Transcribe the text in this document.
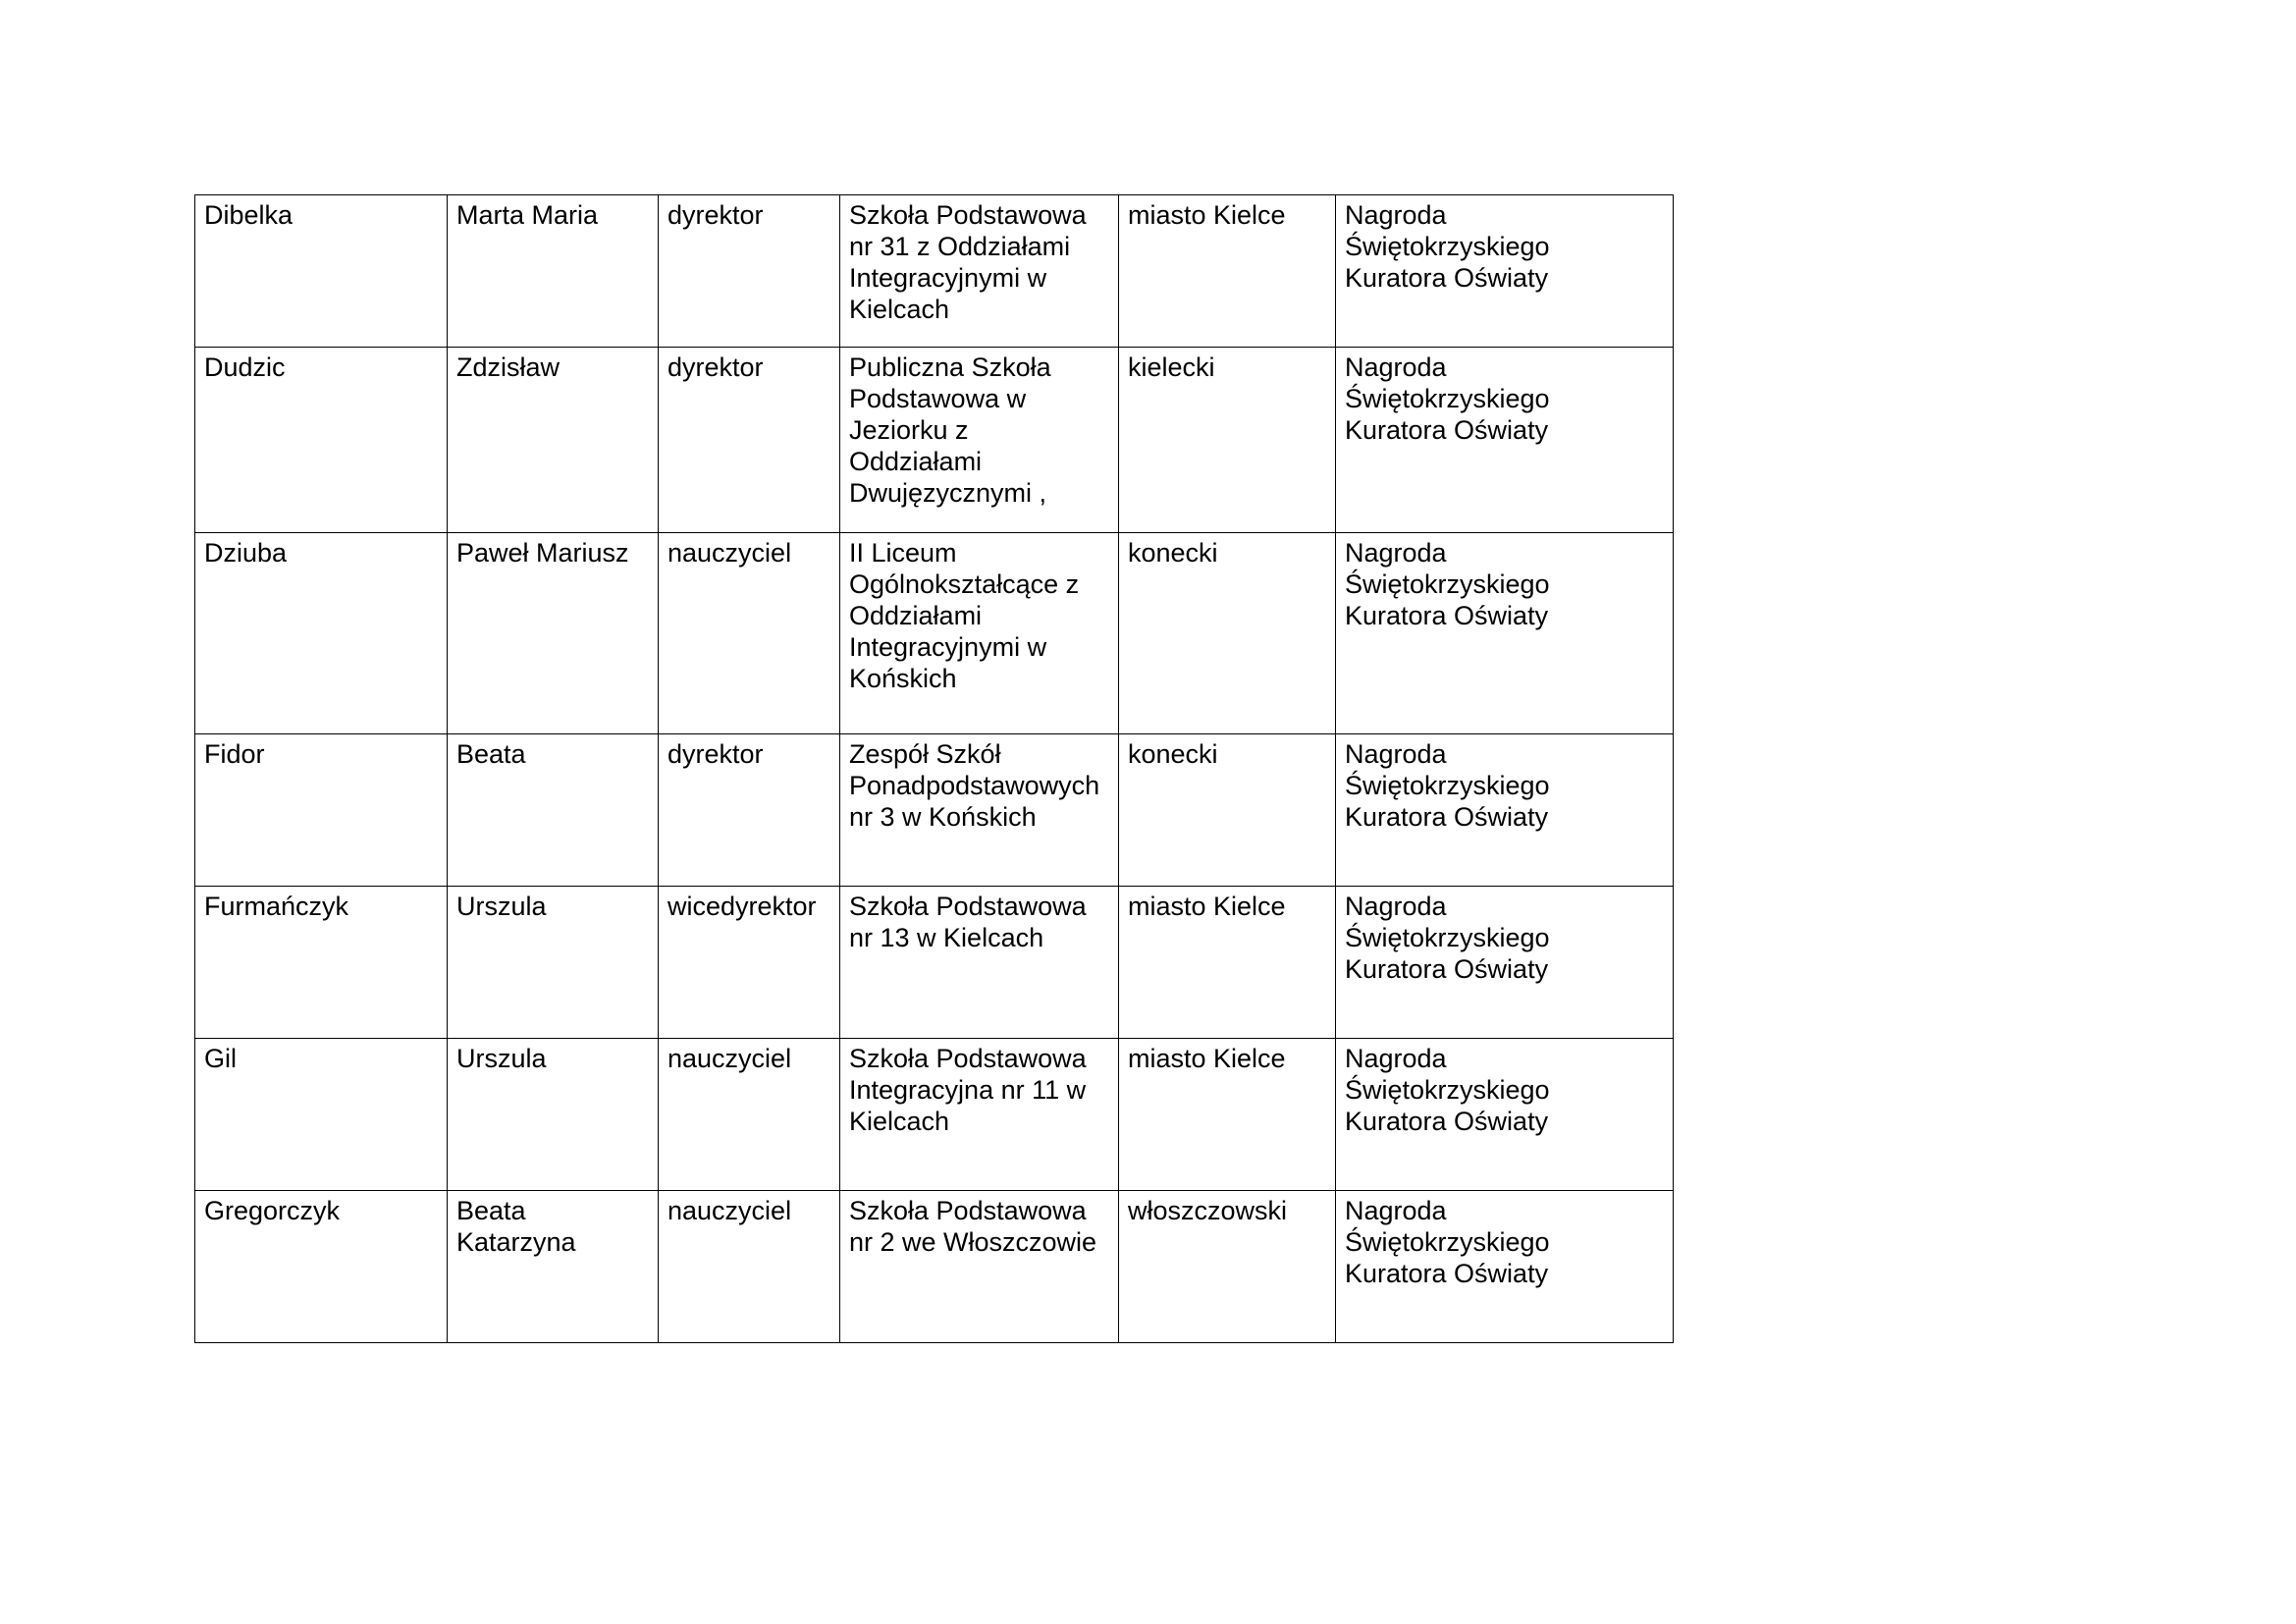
Dibelka	Marta Maria	dyrektor	Szkoła Podstawowa
nr 31 z Oddziałami
Integracyjnymi w
Kielcach	miasto Kielce	Nagroda
Świętokrzyskiego
Kuratora Oświaty
Dudzic	Zdzisław	dyrektor	Publiczna Szkoła
Podstawowa w
Jeziorku z
Oddziałami
Dwujęzycznymi ,	kielecki	Nagroda
Świętokrzyskiego
Kuratora Oświaty
Dziuba	Paweł Mariusz	nauczyciel	II Liceum
Ogólnokształcące z
Oddziałami
Integracyjnymi w
Końskich	konecki	Nagroda
Świętokrzyskiego
Kuratora Oświaty
Fidor	Beata	dyrektor	Zespół Szkół
Ponadpodstawowych
nr 3 w Końskich	konecki	Nagroda
Świętokrzyskiego
Kuratora Oświaty
Furmańczyk	Urszula	wicedyrektor	Szkoła Podstawowa
nr 13 w Kielcach	miasto Kielce	Nagroda
Świętokrzyskiego
Kuratora Oświaty
Gil	Urszula	nauczyciel	Szkoła Podstawowa
Integracyjna nr 11 w
Kielcach	miasto Kielce	Nagroda
Świętokrzyskiego
Kuratora Oświaty
Gregorczyk	Beata
Katarzyna	nauczyciel	Szkoła Podstawowa
nr 2 we Włoszczowie	włoszczowski	Nagroda
Świętokrzyskiego
Kuratora Oświaty
